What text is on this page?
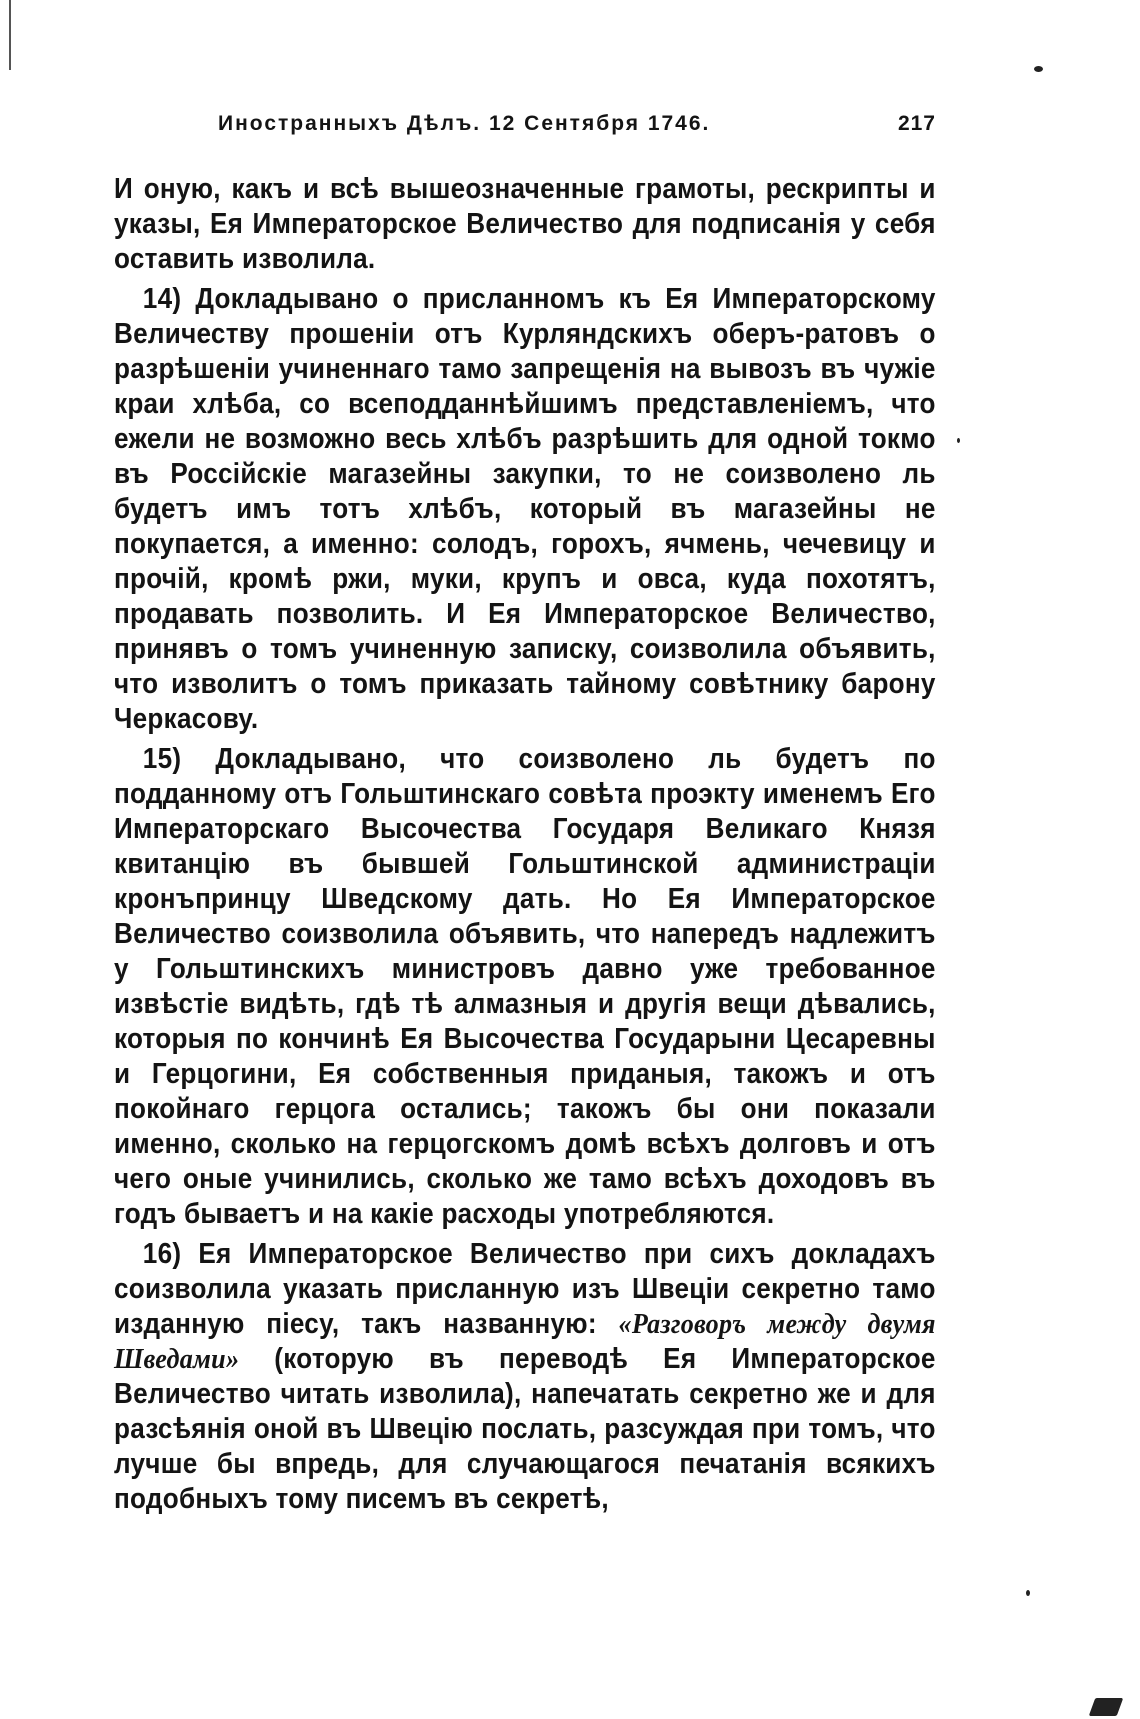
Иностранныхъ Дѣлъ. 12 Сентября 1746.	217

И оную, какъ и всѣ вышеозначенные грамоты, рескрипты и указы, Ея Императорское Величество для подписанія у себя оставить изволила.

14) Докладывано о присланномъ къ Ея Императорскому Величеству прошеніи отъ Курляндскихъ оберъ-ратовъ о разрѣшеніи учиненнаго тамо запрещенія на вывозъ въ чужіе краи хлѣба, со всеподданнѣйшимъ представленіемъ, что ежели не возможно весь хлѣбъ разрѣшить для одной токмо въ Россійскіе магазейны закупки, то не соизволено ль будетъ имъ тотъ хлѣбъ, который въ магазейны не покупается, а именно: солодъ, горохъ, ячмень, чечевицу и прочій, кромѣ ржи, муки, крупъ и овса, куда похотятъ, продавать позволить. И Ея Императорское Величество, принявъ о томъ учиненную записку, соизволила объявить, что изволитъ о томъ приказать тайному совѣтнику барону Черкасову.

15) Докладывано, что соизволено ль будетъ по подданному отъ Гольштинскаго совѣта проэкту именемъ Его Императорскаго Высочества Государя Великаго Князя квитанцію въ бывшей Гольштинской администраціи кронъпринцу Шведскому дать. Но Ея Императорское Величество соизволила объявить, что напередъ надлежитъ у Гольштинскихъ министровъ давно уже требованное извѣстіе видѣть, гдѣ тѣ алмазныя и другія вещи дѣвались, которыя по кончинѣ Ея Высочества Государыни Цесаревны и Герцогини, Ея собственныя приданыя, такожъ и отъ покойнаго герцога остались; такожъ бы они показали именно, сколько на герцогскомъ домѣ всѣхъ долговъ и отъ чего оные учинились, сколько же тамо всѣхъ доходовъ въ годъ бываетъ и на какіе расходы употребляются.

16) Ея Императорское Величество при сихъ докладахъ соизволила указать присланную изъ Швеціи секретно тамо изданную піесу, такъ названную: «Разговоръ между двумя Шведами» (которую въ переводѣ Ея Императорское Величество читать изволила), напечатать секретно же и для разсѣянія оной въ Швецію послать, разсуждая при томъ, что лучше бы впредь, для случающагося печатанія всякихъ подобныхъ тому писемъ въ секретѣ,
